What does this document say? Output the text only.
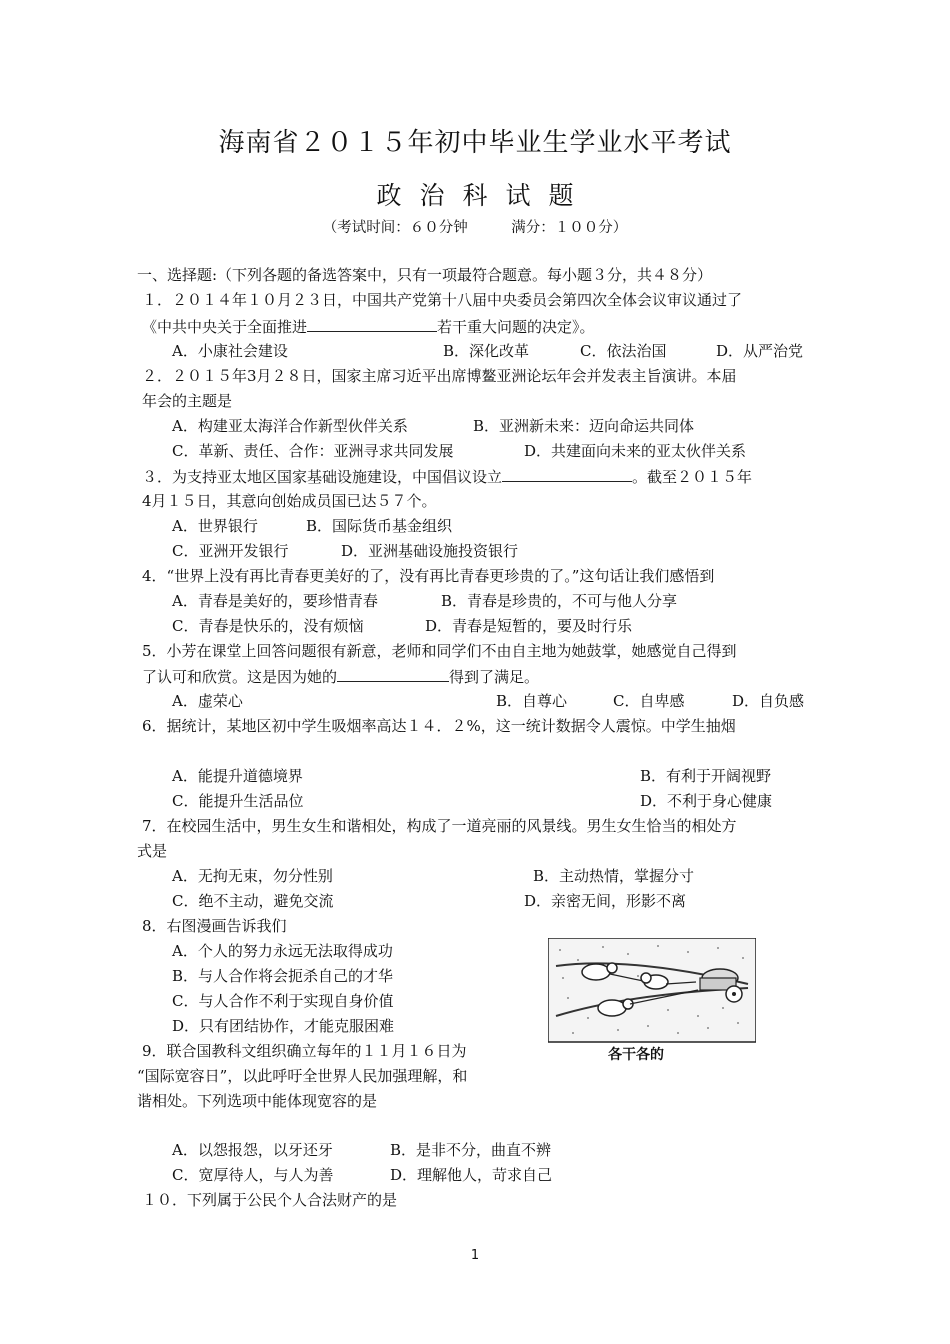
海南省２０１５年初中毕业生学业水平考试
政治科试题
（考试时间：６０分钟　　　满分：１００分）
一、选择题:（下列各题的备选答案中，只有一项最符合题意。每小题３分，共４８分）
１．２０１４年１０月２３日，中国共产党第十八届中央委员会第四次全体会议审议通过了
《中共中央关于全面推进	若干重大问题的决定》。
A．小康社会建设	B．深化改革	C．依法治国	D．从严治党
２．２０１５年3月２８日，国家主席习近平出席博鳌亚洲论坛年会并发表主旨演讲。本届
年会的主题是
A．构建亚太海洋合作新型伙伴关系	B．亚洲新未来：迈向命运共同体
C．革新、责任、合作：亚洲寻求共同发展	D．共建面向未来的亚太伙伴关系
３．为支持亚太地区国家基础设施建设，中国倡议设立	。截至２０１５年
4月１５日，其意向创始成员国已达５７个。
A．世界银行	B．国际货币基金组织
C．亚洲开发银行	D．亚洲基础设施投资银行
4．“世界上没有再比青春更美好的了，没有再比青春更珍贵的了。”这句话让我们感悟到
A．青春是美好的，要珍惜青春	B．青春是珍贵的，不可与他人分享
C．青春是快乐的，没有烦恼	D．青春是短暂的，要及时行乐
5．小芳在课堂上回答问题很有新意，老师和同学们不由自主地为她鼓掌，她感觉自己得到
了认可和欣赏。这是因为她的	得到了满足。
A．虚荣心	B．自尊心	C．自卑感	D．自负感
6．据统计，某地区初中学生吸烟率高达１４．２%，这一统计数据令人震惊。中学生抽烟
A．能提升道德境界	B．有利于开阔视野
C．能提升生活品位	D．不利于身心健康
7．在校园生活中，男生女生和谐相处，构成了一道亮丽的风景线。男生女生恰当的相处方
式是
A．无拘无束，勿分性别	B．主动热情，掌握分寸
C．绝不主动，避免交流	D．亲密无间，形影不离
8．右图漫画告诉我们
A．个人的努力永远无法取得成功
B．与人合作将会扼杀自己的才华
C．与人合作不利于实现自身价值
D．只有团结协作，才能克服困难
各干各的
9．联合国教科文组织确立每年的１１月１６日为
“国际宽容日”，以此呼吁全世界人民加强理解，和
谐相处。下列选项中能体现宽容的是
A．以怨报怨，以牙还牙	B．是非不分，曲直不辨
C．宽厚待人，与人为善	D．理解他人，苛求自己
１０．下列属于公民个人合法财产的是
1
